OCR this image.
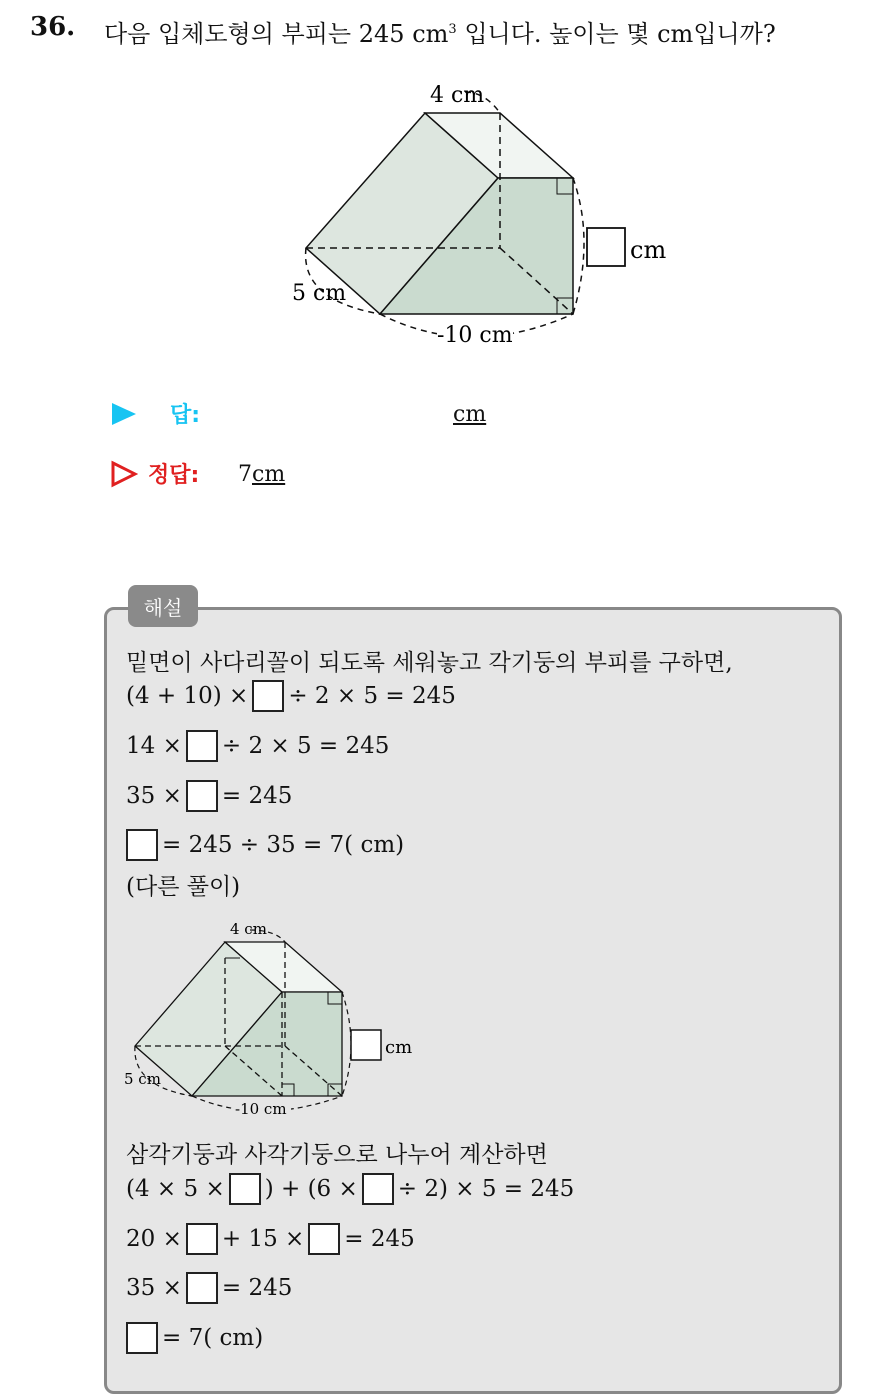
36. 다음 입체도형의 부피는 245 $cm^3$ 입니다. 높이는 몇 cm입니까?
4 cm
5 cm
-10 cm
cm
답:	cm
정답: 7cm
해설
밑면이 사다리꼴이 되도록 세워놓고 각기둥의 부피를 구하면,
(4 + 10) × ÷ 2 × 5 = 245
14 × ÷ 2 × 5 = 245
35 × = 245
= 245 ÷ 35 = 7( cm)
(다른 풀이)
4 cm
5 cm
-10 cm
cm
삼각기둥과 사각기둥으로 나누어 계산하면
(4 × 5 × ) + (6 × ÷ 2) × 5 = 245
20 × + 15 × = 245
35 × = 245
= 7( cm)
